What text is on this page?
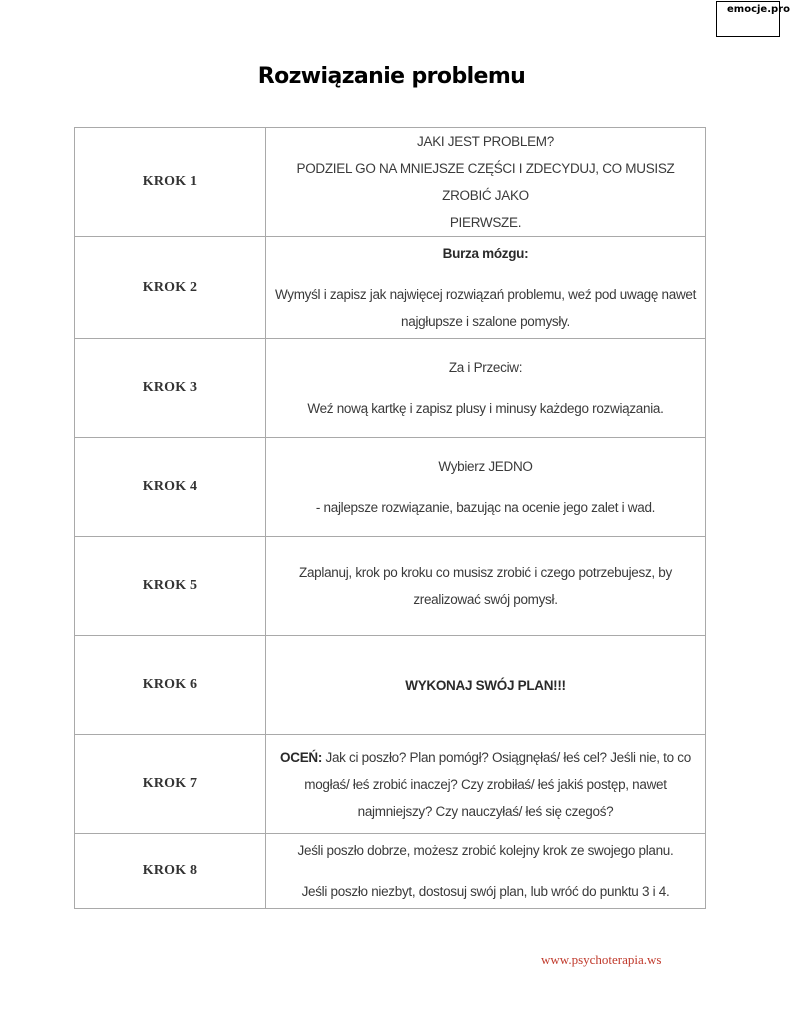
emocje.pro
Rozwiązanie problemu
KROK 1	JAKI JEST PROBLEM?

PODZIEL GO NA MNIEJSZE CZĘŚCI I ZDECYDUJ, CO MUSISZ ZROBIĆ JAKO

PIERWSZE.

KROK 2	Burza mózgu:

Wymyśl i zapisz jak najwięcej rozwiązań problemu, weź pod uwagę nawet

najgłupsze i szalone pomysły.

KROK 3	Za i Przeciw:

Weź nową kartkę i zapisz plusy i minusy każdego rozwiązania.

KROK 4	Wybierz JEDNO

- najlepsze rozwiązanie, bazując na ocenie jego zalet i wad.

KROK 5	Zaplanuj, krok po kroku co musisz zrobić i czego potrzebujesz, by

zrealizować swój pomysł.

KROK 6	WYKONAJ SWÓJ PLAN!!!

KROK 7	OCEŃ: Jak ci poszło? Plan pomógł? Osiągnęłaś/ łeś cel? Jeśli nie, to co

mogłaś/ łeś zrobić inaczej? Czy zrobiłaś/ łeś jakiś postęp, nawet

najmniejszy? Czy nauczyłaś/ łeś się czegoś?

KROK 8	Jeśli poszło dobrze, możesz zrobić kolejny krok ze swojego planu.

Jeśli poszło niezbyt, dostosuj swój plan, lub wróć do punktu 3 i 4.

www.psychoterapia.ws
